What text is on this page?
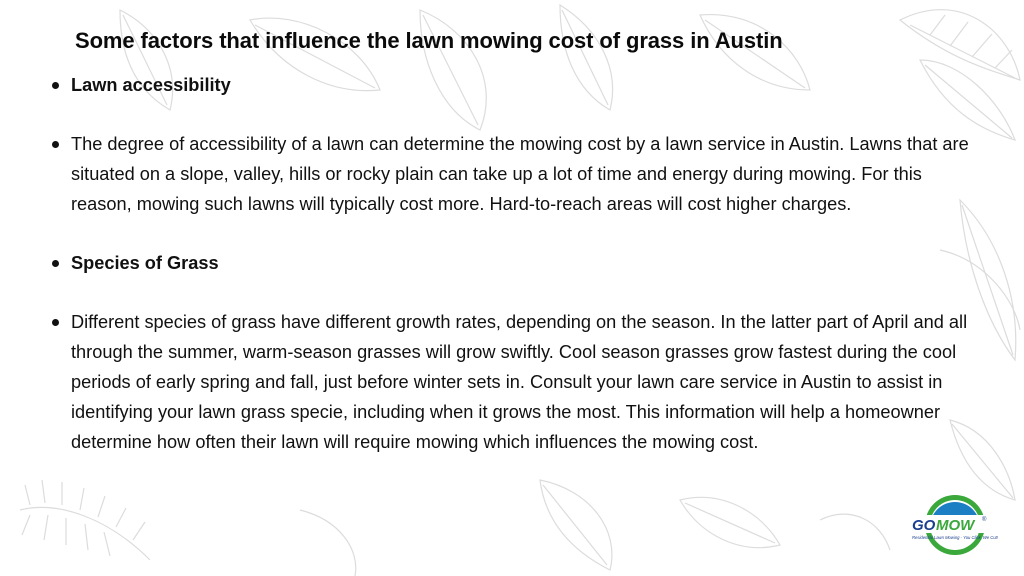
Some factors that influence the lawn mowing cost of grass in Austin
Lawn accessibility
The degree of accessibility of a lawn can determine the mowing cost by a lawn service in Austin. Lawns that are situated on a slope, valley, hills or rocky plain can take up a lot of time and energy during mowing. For this reason, mowing such lawns will typically cost more. Hard-to-reach areas will cost higher charges.
Species of Grass
Different species of grass have different growth rates, depending on the season. In the latter part of April and all through the summer, warm-season grasses will grow swiftly. Cool season grasses grow fastest during the cool periods of early spring and fall, just before winter sets in. Consult your lawn care service in Austin to assist in identifying your lawn grass specie, including when it grows the most. This information will help a homeowner determine how often their lawn will require mowing which influences the mowing cost.
GO MOW	®
Residential Lawn Mowing - You Click, We Cut!
